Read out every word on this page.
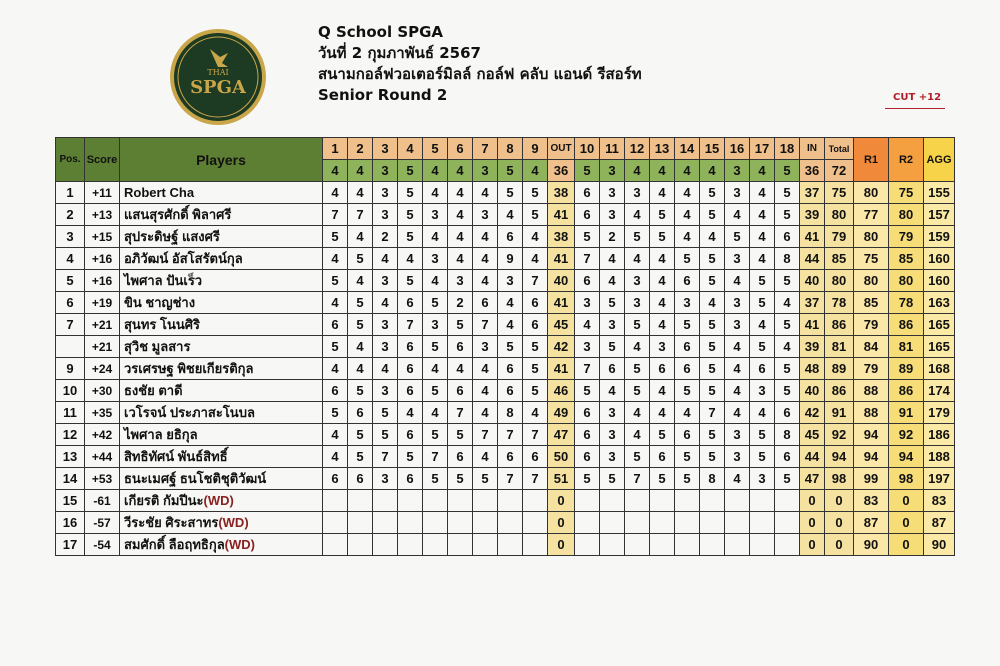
THAI
SPGA
Q School SPGA
วันที่ 2 กุมภาพันธ์ 2567
สนามกอล์ฟวอเตอร์มิลล์ กอล์ฟ คลับ แอนด์ รีสอร์ท
Senior Round 2	CUT +12
Pos.	Score	Players	1	2	3	4	5	6	7	8	9	OUT	10	11	12	13	14	15	16	17	18	IN	Total	R1	R2	AGG
			4	4	3	5	4	4	3	5	4	36	5	3	4	4	4	4	3	4	5	36	72			
1	+11	Robert Cha	4	4	3	5	4	4	4	5	5	38	6	3	3	4	4	5	3	4	5	37	75	80	75	155
2	+13	แสนสุรศักดิ์ พิลาศรี	7	7	3	5	3	4	3	4	5	41	6	3	4	5	4	5	4	4	5	39	80	77	80	157
3	+15	สุประดิษฐ์ แสงศรี	5	4	2	5	4	4	4	6	4	38	5	2	5	5	4	4	5	4	6	41	79	80	79	159
4	+16	อภิวัฒน์ อัสโสรัตน์กุล	4	5	4	4	3	4	4	9	4	41	7	4	4	4	5	5	3	4	8	44	85	75	85	160
5	+16	ไพศาล ปันเร็ว	5	4	3	5	4	3	4	3	7	40	6	4	3	4	6	5	4	5	5	40	80	80	80	160
6	+19	ขิน ชาญช่าง	4	5	4	6	5	2	6	4	6	41	3	5	3	4	3	4	3	5	4	37	78	85	78	163
7	+21	สุนทร โนนศิริ	6	5	3	7	3	5	7	4	6	45	4	3	5	4	5	5	3	4	5	41	86	79	86	165
	+21	สุวิช มูลสาร	5	4	3	6	5	6	3	5	5	42	3	5	4	3	6	5	4	5	4	39	81	84	81	165
9	+24	วรเศรษฐ พิชยเกียรติกุล	4	4	4	6	4	4	4	6	5	41	7	6	5	6	6	5	4	6	5	48	89	79	89	168
10	+30	ธงชัย ตาดี	6	5	3	6	5	6	4	6	5	46	5	4	5	4	5	5	4	3	5	40	86	88	86	174
11	+35	เวโรจน์ ประภาสะโนบล	5	6	5	4	4	7	4	8	4	49	6	3	4	4	4	7	4	4	6	42	91	88	91	179
12	+42	ไพศาล ยธิกุล	4	5	5	6	5	5	7	7	7	47	6	3	4	5	6	5	3	5	8	45	92	94	92	186
13	+44	สิทธิทัศน์ พันธ์สิทธิ์	4	5	7	5	7	6	4	6	6	50	6	3	5	6	5	5	3	5	6	44	94	94	94	188
14	+53	ธนะเมศฐ์ ธนโชติชุติวัฒน์	6	6	3	6	5	5	5	7	7	51	5	5	7	5	5	8	4	3	5	47	98	99	98	197
15	-61	เกียรติ กัมปีนะ(WD)										0										0	0	83	0	83
16	-57	วีระชัย ศิระสาทร(WD)										0										0	0	87	0	87
17	-54	สมศักดิ์ ลือฤทธิกุล(WD)										0										0	0	90	0	90
